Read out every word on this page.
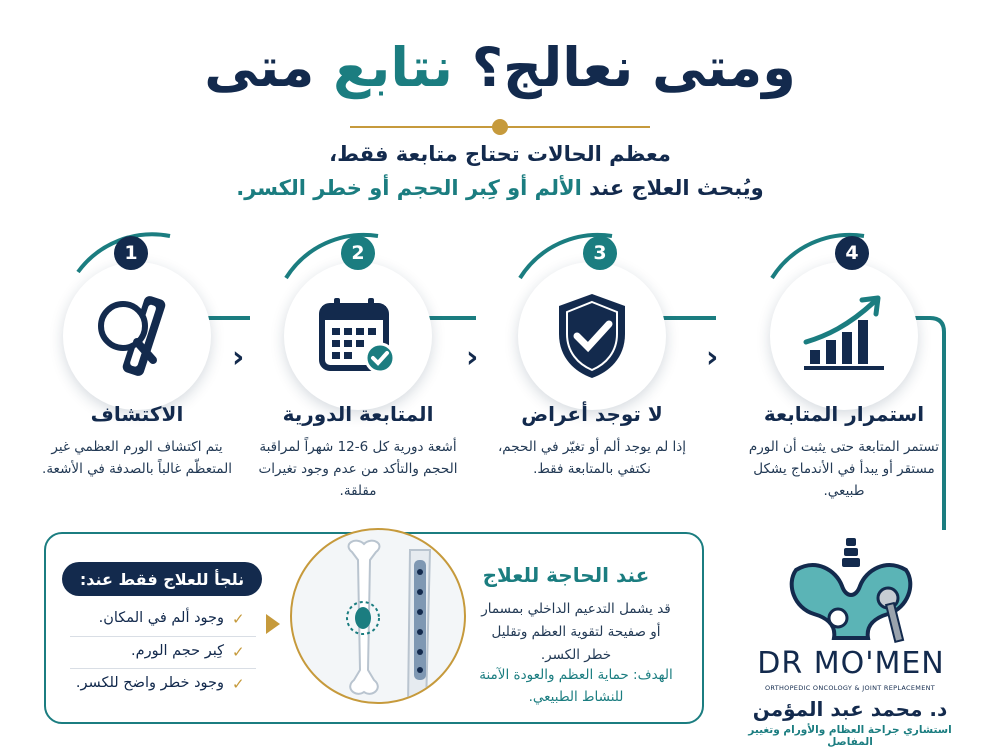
ومتى نعالج؟ نتابع متى
معظم الحالات تحتاج متابعة فقط،
ويُبحث العلاج عند الألم أو كِبر الحجم أو خطر الكسر.
1
الاكتشاف
يتم اكتشاف الورم العظمي غير المتعظّم غالباً بالصدفة في الأشعة.
›
2
المتابعة الدورية
أشعة دورية كل 6-12 شهراً لمراقبة الحجم والتأكد من عدم وجود تغيرات مقلقة.
›
3
لا توجد أعراض
إذا لم يوجد ألم أو تغيّر في الحجم، نكتفي بالمتابعة فقط.
›
4
استمرار المتابعة
تستمر المتابعة حتى يثبت أن الورم مستقر أو يبدأ في الأندماج يشكل طبيعي.
نلجأ للعلاج فقط عند:
✓
وجود ألم في المكان.
✓
كِبر حجم الورم.
✓
وجود خطر واضح للكسر.
عند الحاجة للعلاج
قد يشمل التدعيم الداخلي بمسمار أو صفيحة لتقوية العظم وتقليل خطر الكسر.
الهدف: حماية العظم والعودة الآمنة للنشاط الطبيعي.
DR MO'MEN
ORTHOPEDIC ONCOLOGY & JOINT REPLACEMENT
د. محمد عبد المؤمن
استشاري جراحة العظام والأورام وتغيير المفاصل
